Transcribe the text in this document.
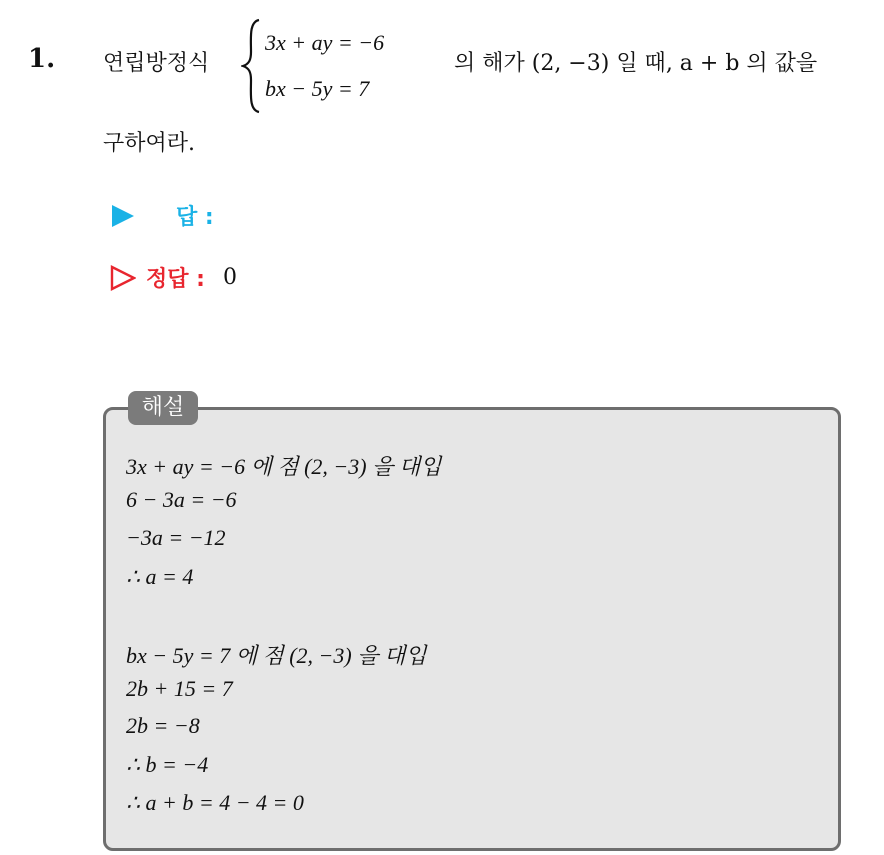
1. 연립방정식
3x + ay = −6
bx − 5y = 7
의 해가 (2, −3) 일 때, a + b 의 값을
구하여라.
답 :
정답 : 0
해설
3x + ay = −6 에 점 (2, −3) 을 대입
6 − 3a = −6
−3a = −12
∴ a = 4
bx − 5y = 7 에 점 (2, −3) 을 대입
2b + 15 = 7
2b = −8
∴ b = −4
∴ a + b = 4 − 4 = 0
